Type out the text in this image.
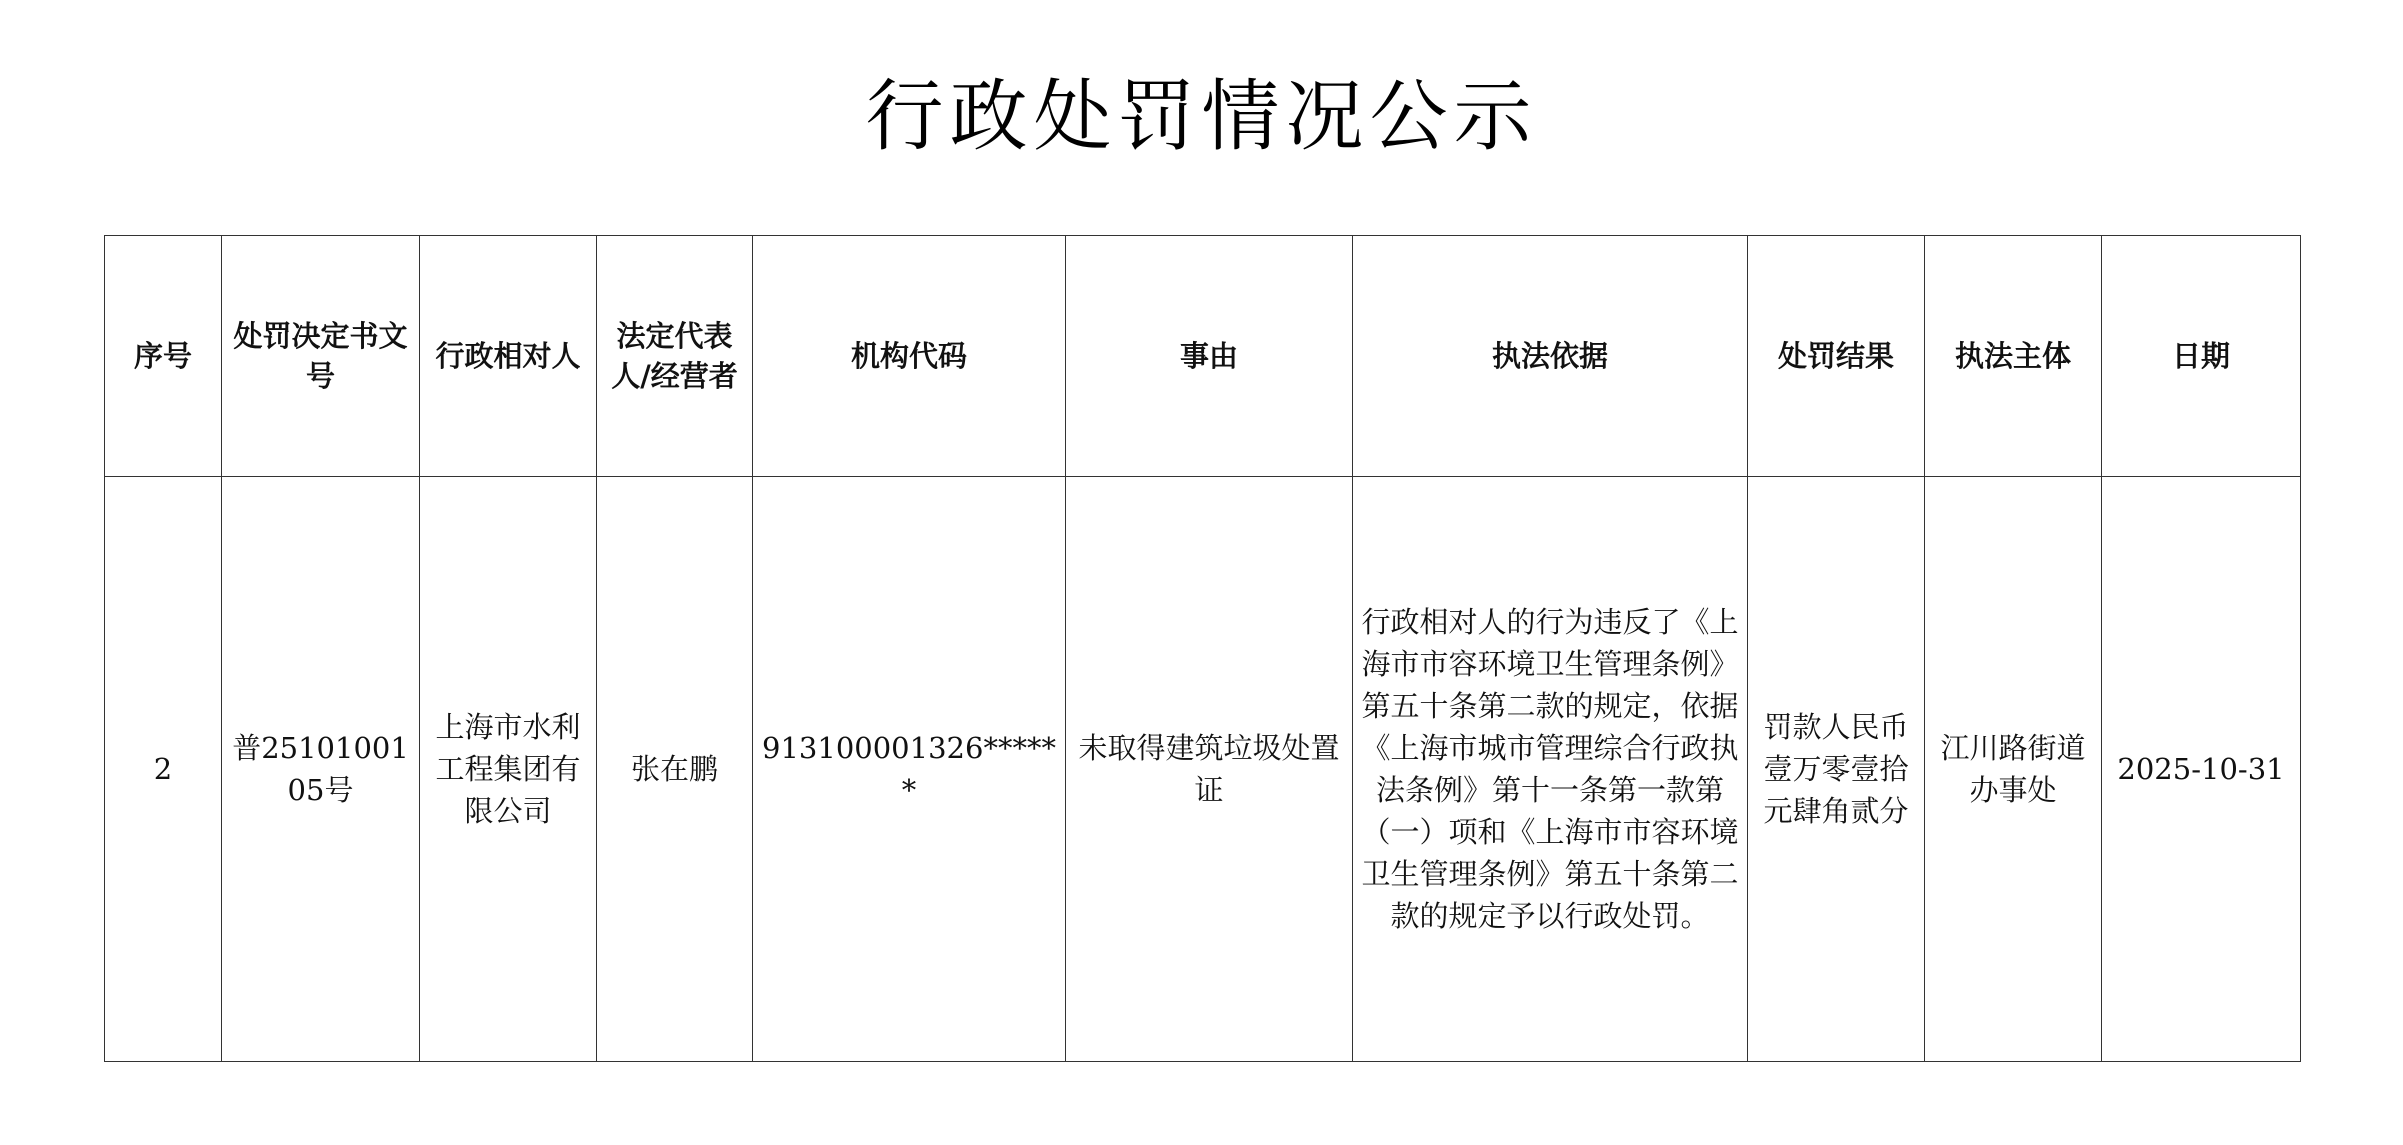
行政处罚情况公示
序号	处罚决定书文号	行政相对人	法定代表人/经营者	机构代码	事由	执法依据	处罚结果	执法主体	日期
2	普2510100105号	上海市水利工程集团有限公司	张在鹏	913100001326******	未取得建筑垃圾处置证	行政相对人的行为违反了《上海市市容环境卫生管理条例》第五十条第二款的规定，依据《上海市城市管理综合行政执法条例》第十一条第一款第（一）项和《上海市市容环境卫生管理条例》第五十条第二款的规定予以行政处罚。	罚款人民币壹万零壹拾元肆角贰分	江川路街道办事处	2025-10-31
